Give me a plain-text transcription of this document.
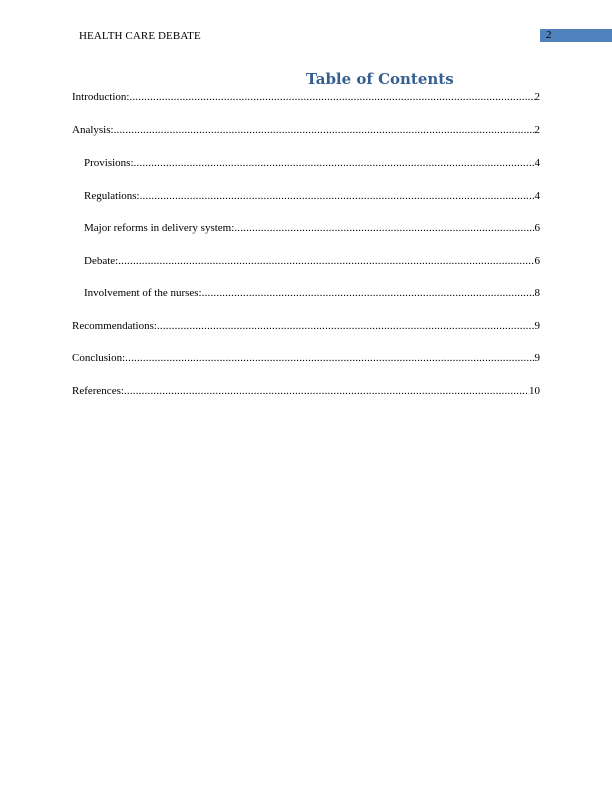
HEALTH CARE DEBATE	2
Table of Contents
Introduction: .....	2
Analysis: .....	2
Provisions: .....	4
Regulations: .....	4
Major reforms in delivery system: .....	6
Debate: .....	6
Involvement of the nurses: .....	8
Recommendations: .....	9
Conclusion: .....	9
References: .....	10
